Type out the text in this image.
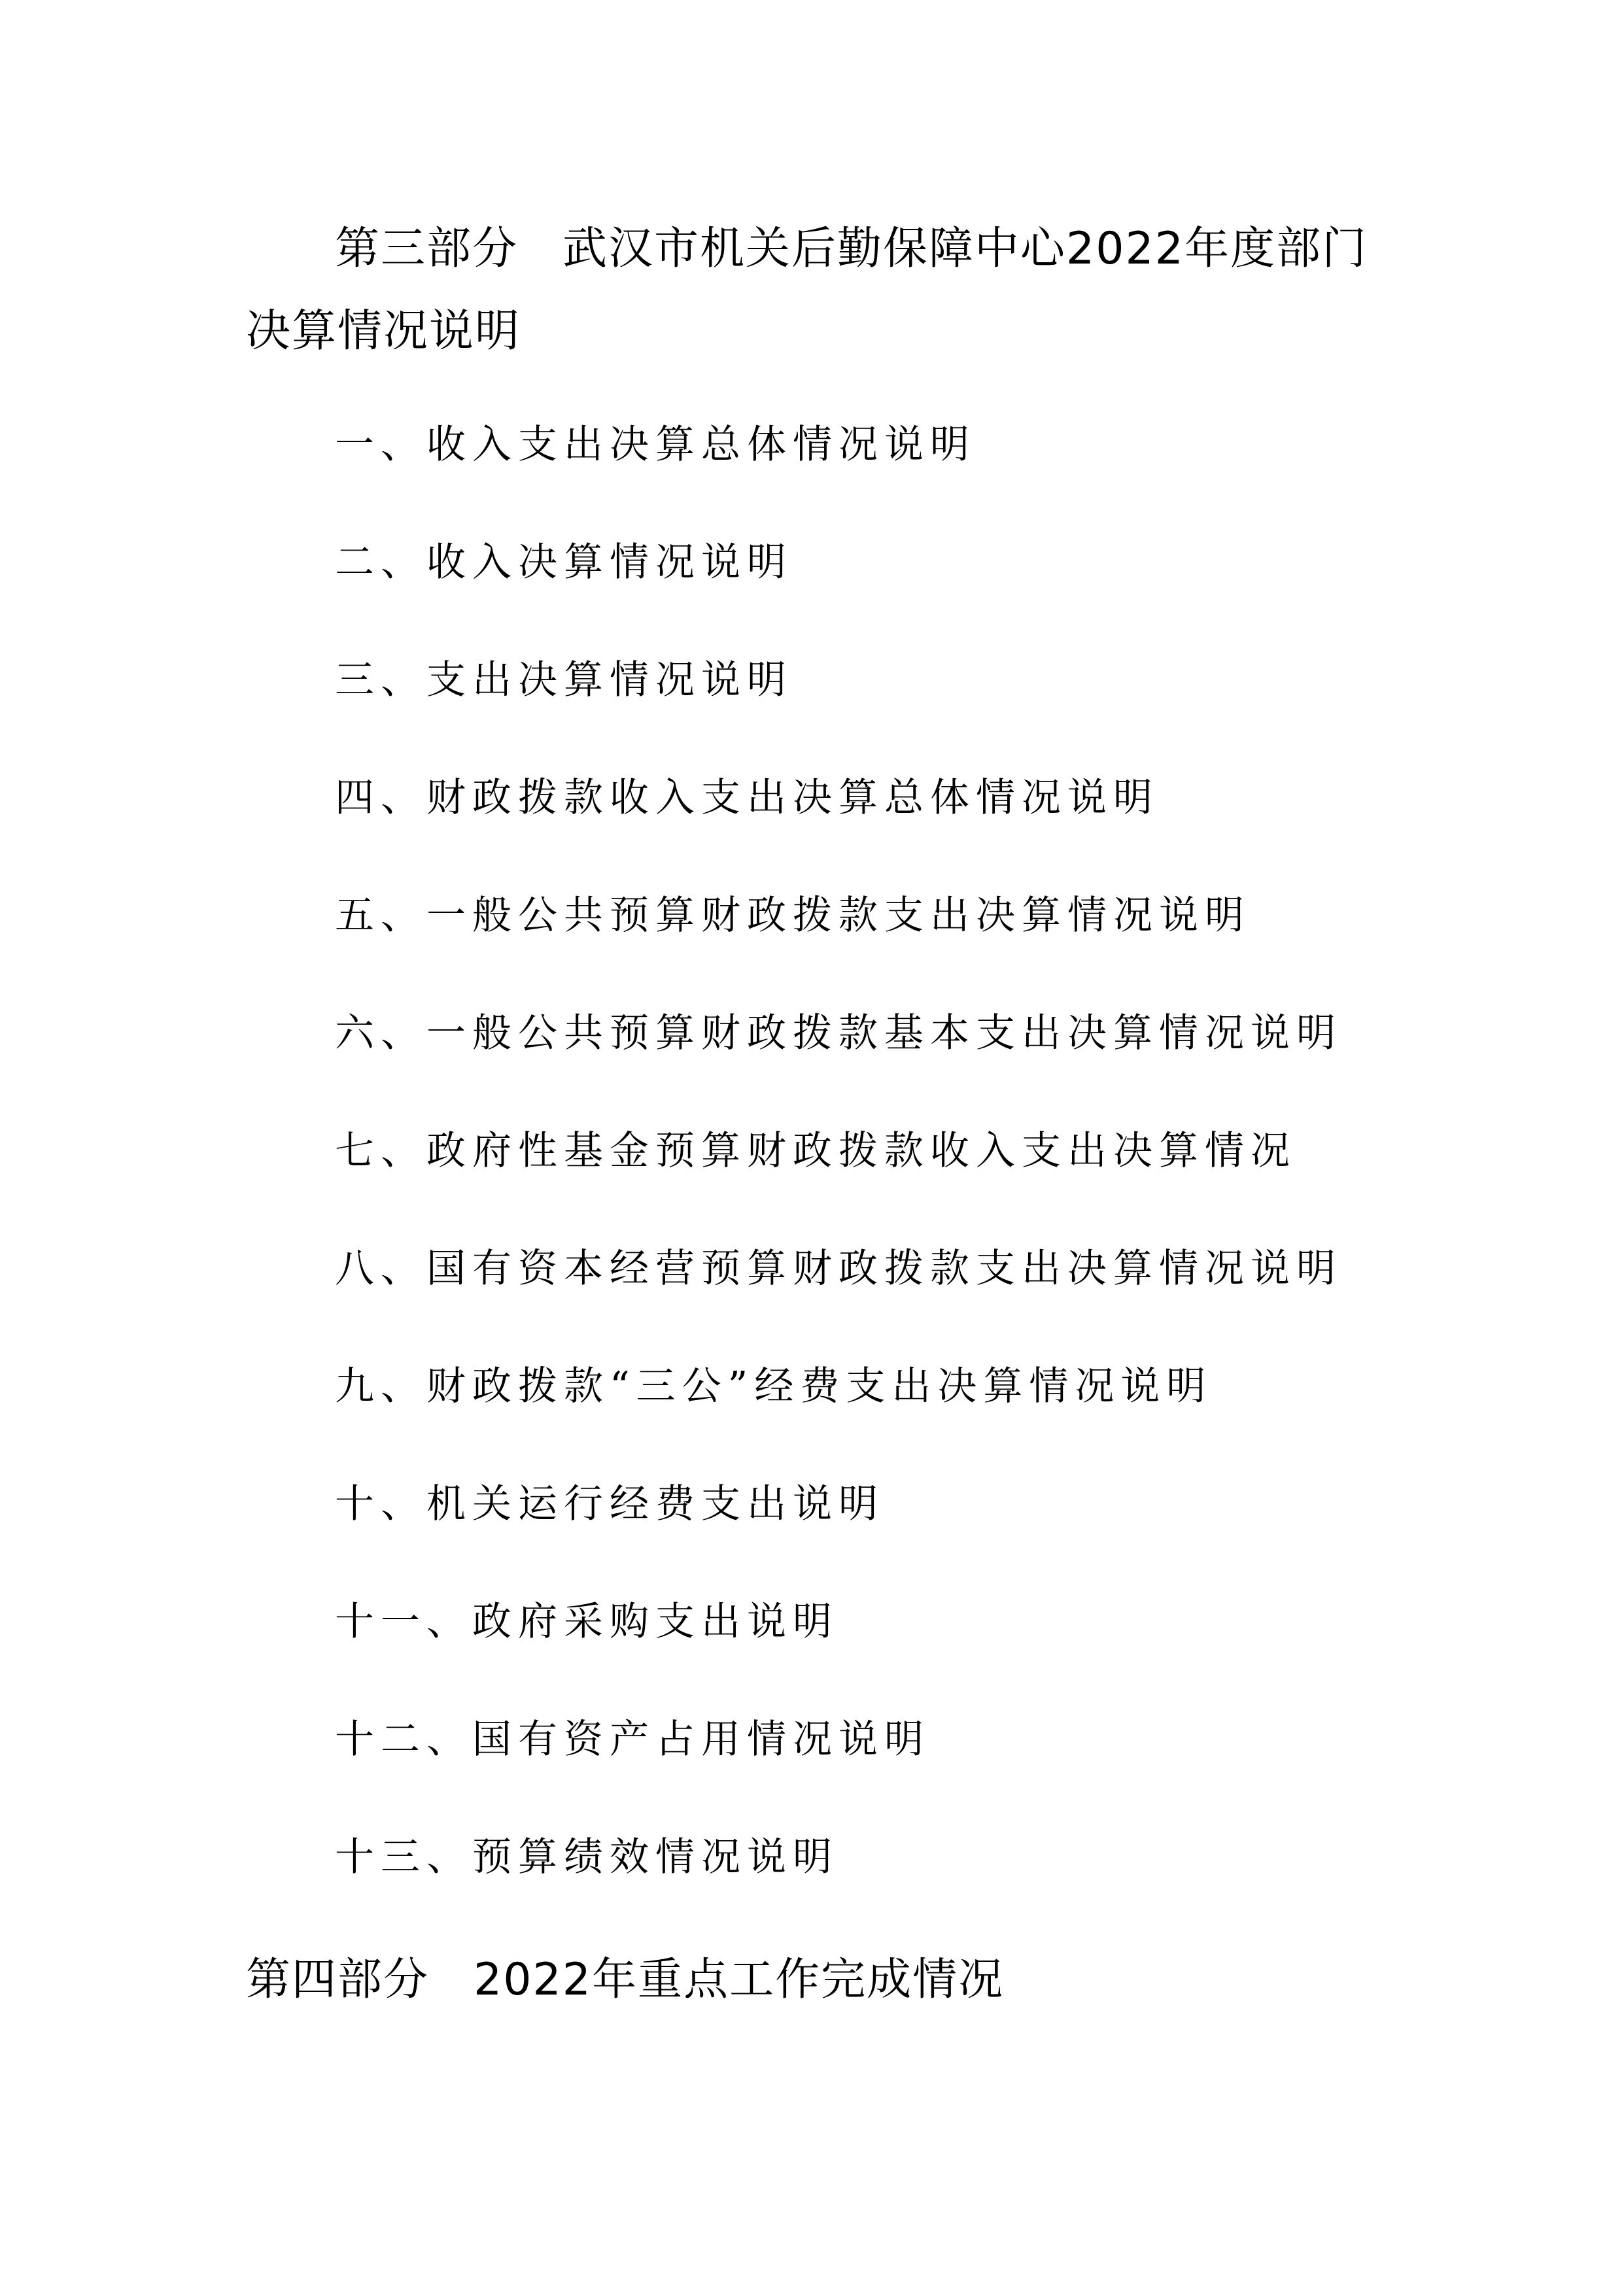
第三部分 武汉市机关后勤保障中心2022年度部门决算情况说明
一、收入支出决算总体情况说明
二、收入决算情况说明
三、支出决算情况说明
四、财政拨款收入支出决算总体情况说明
五、一般公共预算财政拨款支出决算情况说明
六、一般公共预算财政拨款基本支出决算情况说明
七、政府性基金预算财政拨款收入支出决算情况
八、国有资本经营预算财政拨款支出决算情况说明
九、财政拨款“三公”经费支出决算情况说明
十、机关运行经费支出说明
十一、政府采购支出说明
十二、国有资产占用情况说明
十三、预算绩效情况说明
第四部分 2022年重点工作完成情况
